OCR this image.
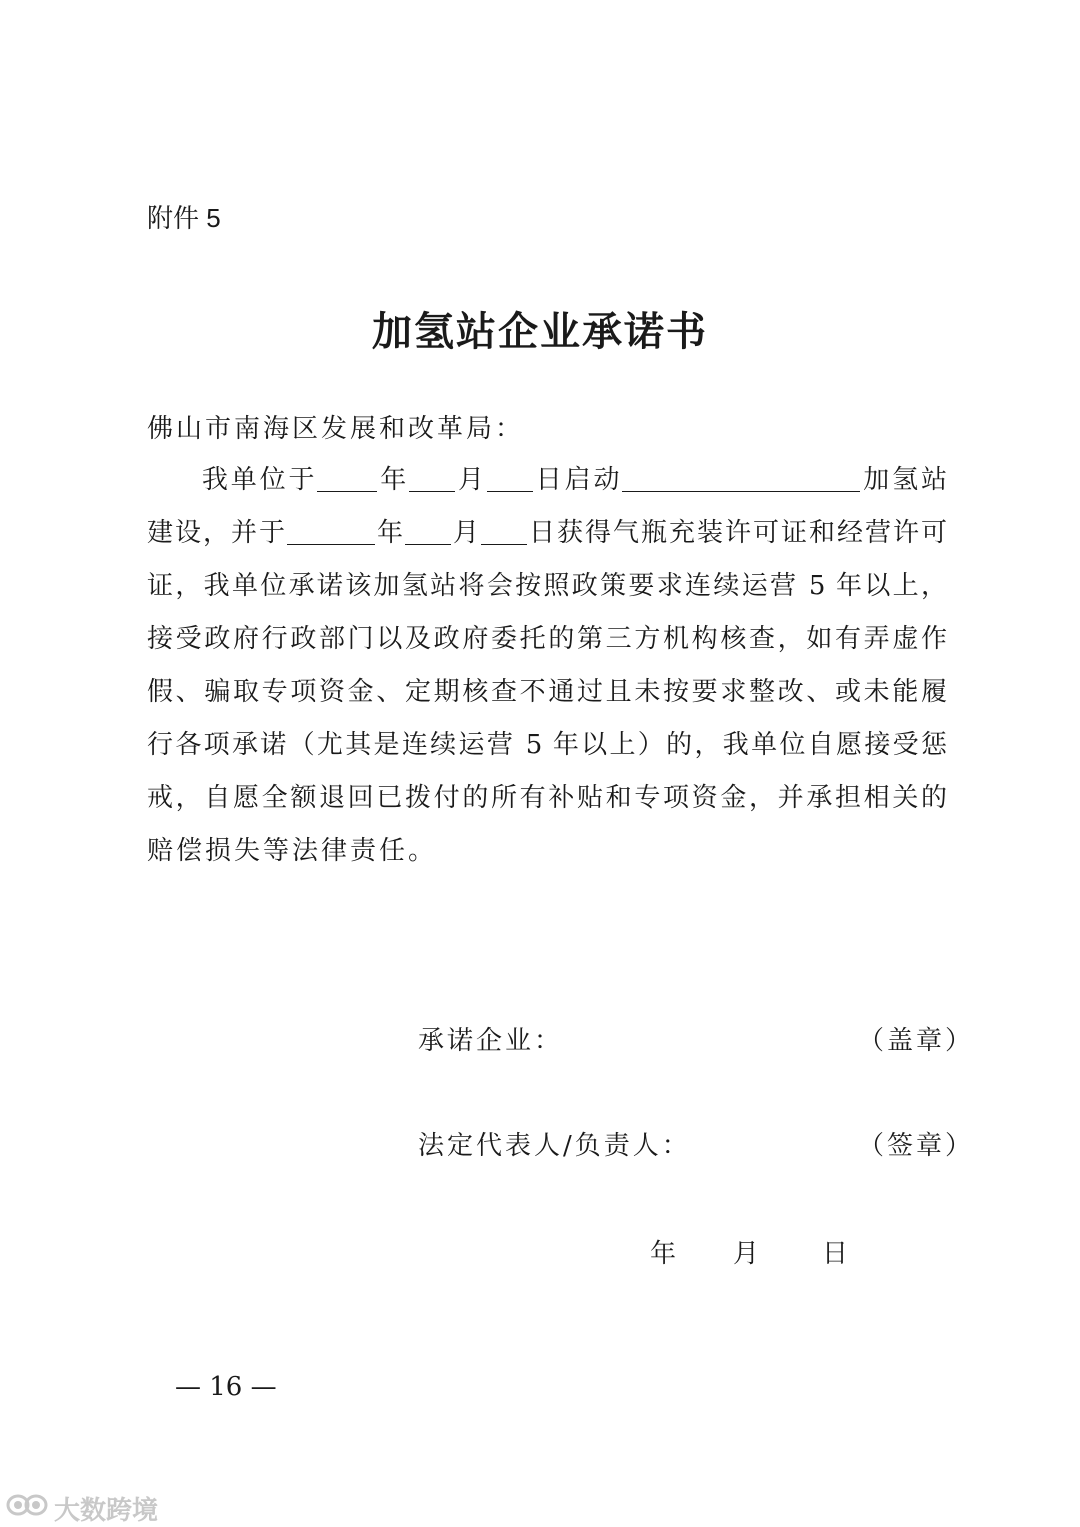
附件 5
加氢站企业承诺书
佛山市南海区发展和改革局：
我单位于 年 月 日启动	加氢站
建设，并于	年 月 日获得气瓶充装许可证和经营许可
证，我单位承诺该加氢站将会按照政策要求连续运营 5 年以上，
接受政府行政部门以及政府委托的第三方机构核查，如有弄虚作
假、骗取专项资金、定期核查不通过且未按要求整改、或未能履
行各项承诺（尤其是连续运营 5 年以上）的，我单位自愿接受惩
戒，自愿全额退回已拨付的所有补贴和专项资金，并承担相关的
赔偿损失等法律责任。
承诺企业：	（盖章）
法定代表人/负责人：	（签章）
年 月 日
— 16 —
大数跨境
